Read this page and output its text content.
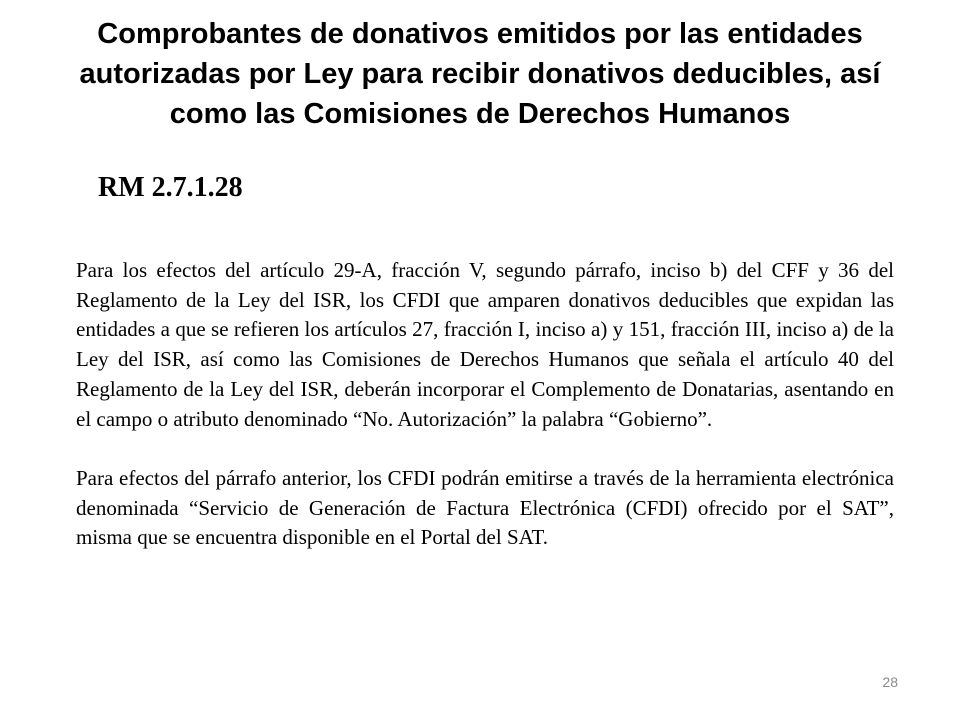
Comprobantes de donativos emitidos por las entidades autorizadas por Ley para recibir donativos deducibles, así como las Comisiones de Derechos Humanos
RM 2.7.1.28

Para los efectos del artículo 29-A, fracción V, segundo párrafo, inciso b) del CFF y 36 del Reglamento de la Ley del ISR, los CFDI que amparen donativos deducibles que expidan las entidades a que se refieren los artículos 27, fracción I, inciso a) y 151, fracción III, inciso a) de la Ley del ISR, así como las Comisiones de Derechos Humanos que señala el artículo 40 del Reglamento de la Ley del ISR, deberán incorporar el Complemento de Donatarias, asentando en el campo o atributo denominado “No. Autorización” la palabra “Gobierno”.

Para efectos del párrafo anterior, los CFDI podrán emitirse a través de la herramienta electrónica denominada “Servicio de Generación de Factura Electrónica (CFDI) ofrecido por el SAT”, misma que se encuentra disponible en el Portal del SAT.

28
